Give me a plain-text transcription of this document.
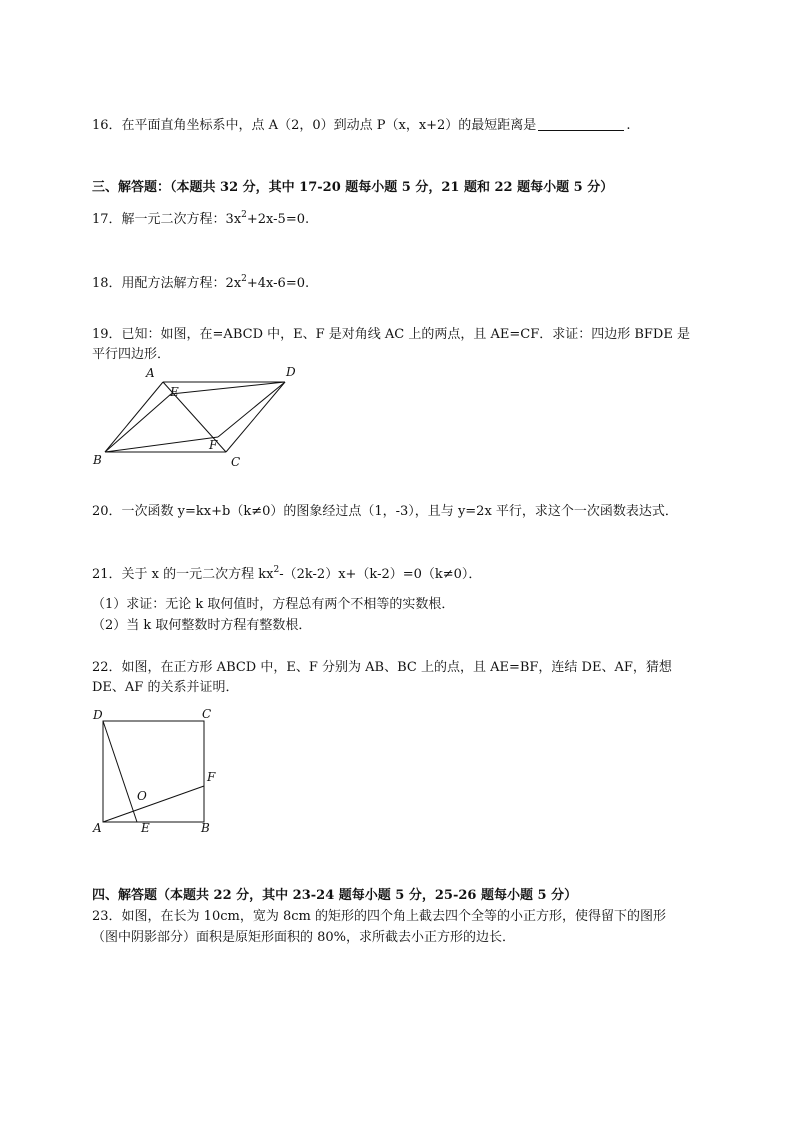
16．在平面直角坐标系中，点 A（2，0）到动点 P（x，x+2）的最短距离是	.
三、解答题：（本题共 32 分，其中 17-20 题每小题 5 分，21 题和 22 题每小题 5 分）
17．解一元二次方程：$3x^2+2x-5=0$.
18．用配方法解方程：$2x^2+4x-6=0$.
19．已知：如图，在=ABCD 中，E、F 是对角线 AC 上的两点，且 AE=CF．求证：四边形 BFDE 是
平行四边形．
A	D
E
F
B	C
20．一次函数 y=kx+b（k≠0）的图象经过点（1，-3），且与 y=2x 平行，求这个一次函数表达式．
21．关于 x 的一元二次方程 $kx^2-(2k-2)x+(k-2)=0(k\ne 0)$．
（1）求证：无论 k 取何值时，方程总有两个不相等的实数根．
（2）当 k 取何整数时方程有整数根．
22．如图，在正方形 ABCD 中，E、F 分别为 AB、BC 上的点，且 AE=BF，连结 DE、AF，猜想
DE、AF 的关系并证明．
D	C
F
O
A	E	B
四、解答题（本题共 22 分，其中 23-24 题每小题 5 分，25-26 题每小题 5 分）
23．如图，在长为 10cm，宽为 8cm 的矩形的四个角上截去四个全等的小正方形，使得留下的图形
（图中阴影部分）面积是原矩形面积的 80%，求所截去小正方形的边长．
